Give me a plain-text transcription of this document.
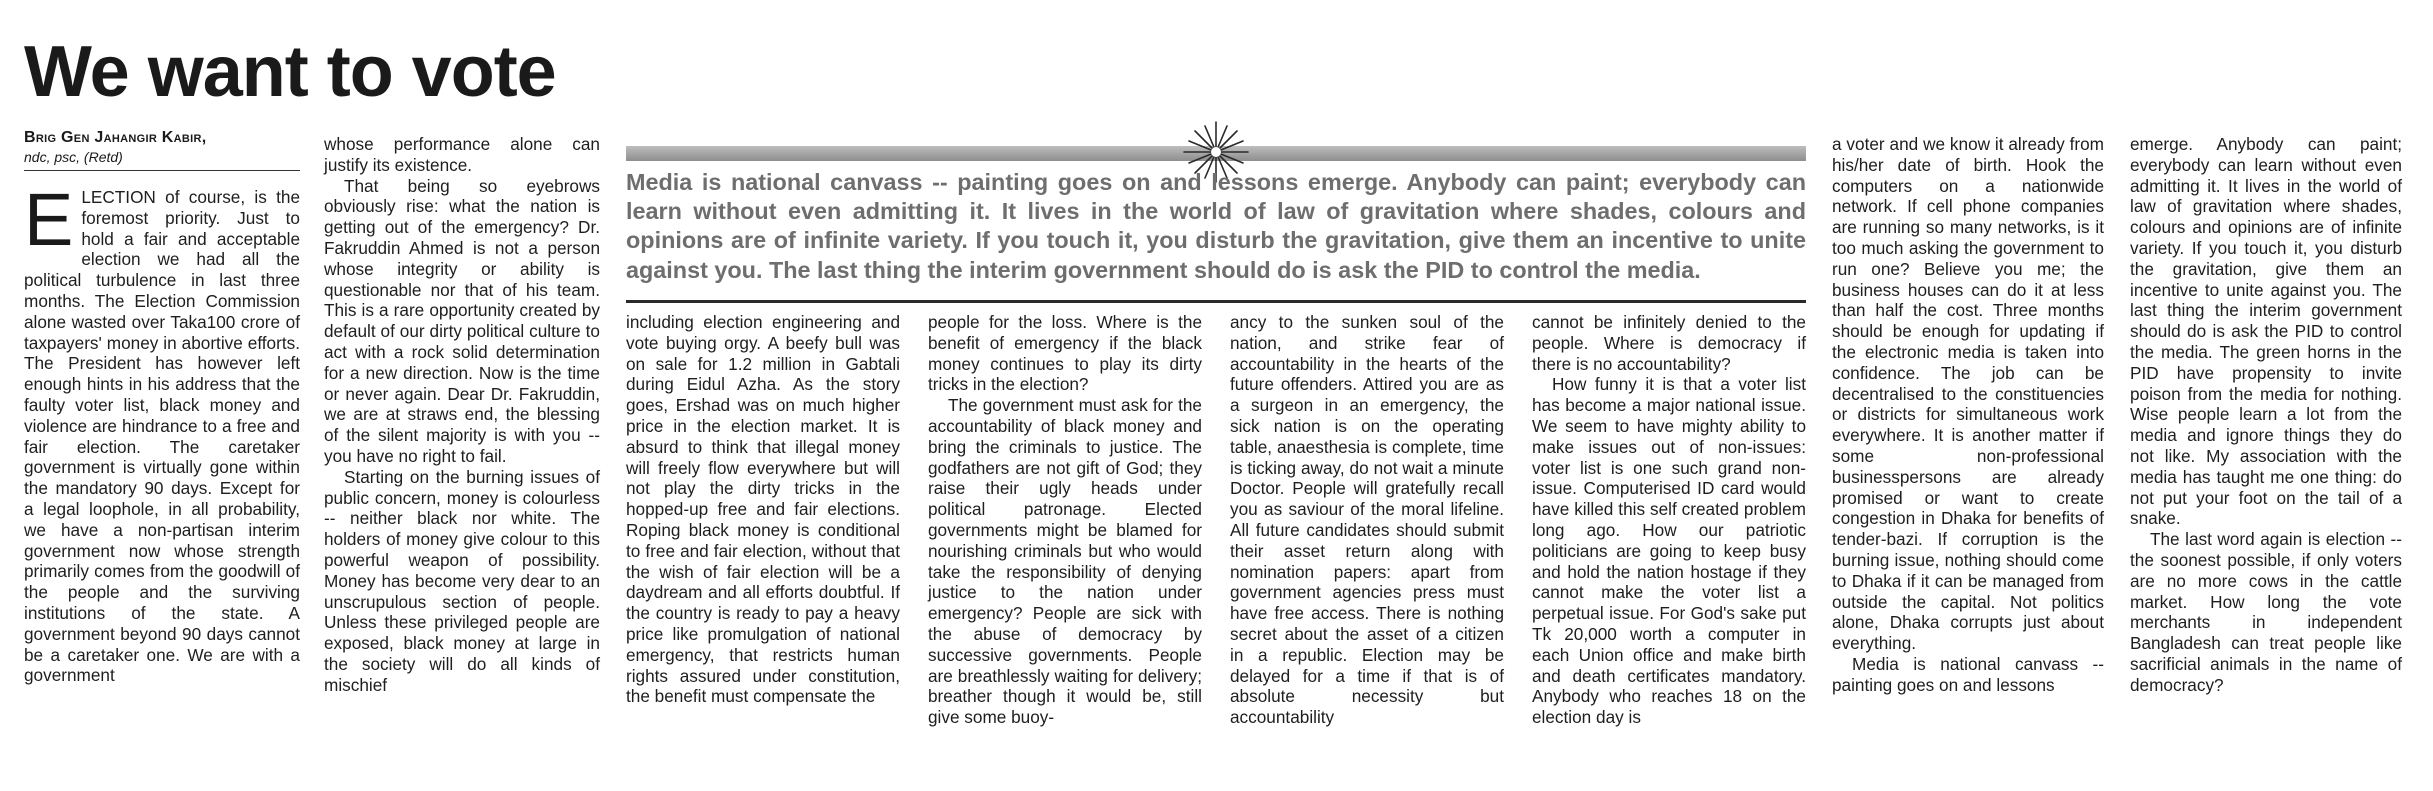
We want to vote
Brig Gen Jahangir Kabir,
ndc, psc, (Retd)

ELECTION of course, is the foremost priority. Just to hold a fair and acceptable election we had all the political turbulence in last three months. The Election Commission alone wasted over Taka100 crore of taxpayers' money in abortive efforts. The President has however left enough hints in his address that the faulty voter list, black money and violence are hindrance to a free and fair election. The caretaker government is virtually gone within the mandatory 90 days. Except for a legal loophole, in all probability, we have a non-partisan interim government now whose strength primarily comes from the goodwill of the people and the surviving institutions of the state. A government beyond 90 days cannot be a caretaker one. We are with a government

whose performance alone can justify its existence.

That being so eyebrows obviously rise: what the nation is getting out of the emergency? Dr. Fakruddin Ahmed is not a person whose integrity or ability is questionable nor that of his team. This is a rare opportunity created by default of our dirty political culture to act with a rock solid determination for a new direction. Now is the time or never again. Dear Dr. Fakruddin, we are at straws end, the blessing of the silent majority is with you -- you have no right to fail.

Starting on the burning issues of public concern, money is colourless -- neither black nor white. The holders of money give colour to this powerful weapon of possibility. Money has become very dear to an unscrupulous section of people. Unless these privileged people are exposed, black money at large in the society will do all kinds of mischief

Media is national canvass -- painting goes on and lessons emerge. Anybody can paint; everybody can learn without even admitting it. It lives in the world of law of gravitation where shades, colours and opinions are of infinite variety. If you touch it, you disturb the gravitation, give them an incentive to unite against you. The last thing the interim government should do is ask the PID to control the media.

including election engineering and vote buying orgy. A beefy bull was on sale for 1.2 million in Gabtali during Eidul Azha. As the story goes, Ershad was on much higher price in the election market. It is absurd to think that illegal money will freely flow everywhere but will not play the dirty tricks in the hopped-up free and fair elections. Roping black money is conditional to free and fair election, without that the wish of fair election will be a daydream and all efforts doubtful. If the country is ready to pay a heavy price like promulgation of national emergency, that restricts human rights assured under constitution, the benefit must compensate the

people for the loss. Where is the benefit of emergency if the black money continues to play its dirty tricks in the election?

The government must ask for the accountability of black money and bring the criminals to justice. The godfathers are not gift of God; they raise their ugly heads under political patronage. Elected governments might be blamed for nourishing criminals but who would take the responsibility of denying justice to the nation under emergency? People are sick with the abuse of democracy by successive governments. People are breathlessly waiting for delivery; breather though it would be, still give some buoy-

ancy to the sunken soul of the nation, and strike fear of accountability in the hearts of the future offenders. Attired you are as a surgeon in an emergency, the sick nation is on the operating table, anaesthesia is complete, time is ticking away, do not wait a minute Doctor. People will gratefully recall you as saviour of the moral lifeline. All future candidates should submit their asset return along with nomination papers: apart from government agencies press must have free access. There is nothing secret about the asset of a citizen in a republic. Election may be delayed for a time if that is of absolute necessity but accountability

cannot be infinitely denied to the people. Where is democracy if there is no accountability?

How funny it is that a voter list has become a major national issue. We seem to have mighty ability to make issues out of non-issues: voter list is one such grand non-issue. Computerised ID card would have killed this self created problem long ago. How our patriotic politicians are going to keep busy and hold the nation hostage if they cannot make the voter list a perpetual issue. For God's sake put Tk 20,000 worth a computer in each Union office and make birth and death certificates mandatory. Anybody who reaches 18 on the election day is

a voter and we know it already from his/her date of birth. Hook the computers on a nationwide network. If cell phone companies are running so many networks, is it too much asking the government to run one? Believe you me; the business houses can do it at less than half the cost. Three months should be enough for updating if the electronic media is taken into confidence. The job can be decentralised to the constituencies or districts for simultaneous work everywhere. It is another matter if some non-professional businesspersons are already promised or want to create congestion in Dhaka for benefits of tender-bazi. If corruption is the burning issue, nothing should come to Dhaka if it can be managed from outside the capital. Not politics alone, Dhaka corrupts just about everything.

Media is national canvass -- painting goes on and lessons

emerge. Anybody can paint; everybody can learn without even admitting it. It lives in the world of law of gravitation where shades, colours and opinions are of infinite variety. If you touch it, you disturb the gravitation, give them an incentive to unite against you. The last thing the interim government should do is ask the PID to control the media. The green horns in the PID have propensity to invite poison from the media for nothing. Wise people learn a lot from the media and ignore things they do not like. My association with the media has taught me one thing: do not put your foot on the tail of a snake.

The last word again is election -- the soonest possible, if only voters are no more cows in the cattle market. How long the vote merchants in independent Bangladesh can treat people like sacrificial animals in the name of democracy?
